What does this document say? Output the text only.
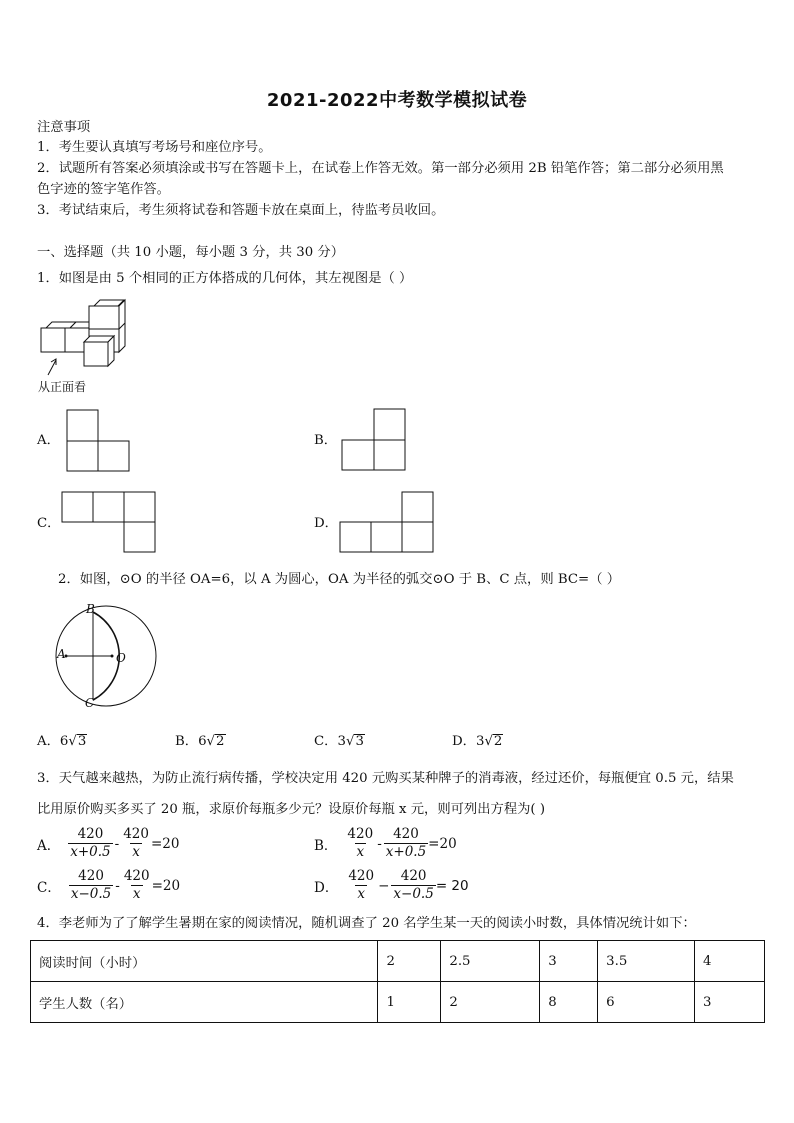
2021-2022中考数学模拟试卷
注意事项
1．考生要认真填写考场号和座位序号。
2．试题所有答案必须填涂或书写在答题卡上，在试卷上作答无效。第一部分必须用 2B 铅笔作答；第二部分必须用黑
色字迹的签字笔作答。
3．考试结束后，考生须将试卷和答题卡放在桌面上，待监考员收回。
一、选择题（共 10 小题，每小题 3 分，共 30 分）
1．如图是由 5 个相同的正方体搭成的几何体，其左视图是（ ）
从正面看
A．	B．
C．	D．
2．如图，⊙O 的半径 OA=6，以 A 为圆心，OA 为半径的弧交⊙O 于 B、C 点，则 BC=（ ）
B
A	O
C
A．6√3	B．6√2	C．3√3	D．3√2
3．天气越来越热，为防止流行病传播，学校决定用 420 元购买某种牌子的消毒液，经过还价，每瓶便宜 0.5 元，结果
比用原价购买多买了 20 瓶，求原价每瓶多少元？设原价每瓶 x 元，则可列出方程为( )
A． $\frac{420}{x+0.5} - \frac{420}{x} =20$	B． $\frac{420}{x} - \frac{420}{x+0.5} =20$
C． $\frac{420}{x-0.5} - \frac{420}{x} =20$	D． $\frac{420}{x} - \frac{420}{x-0.5} = 20$
4．李老师为了了解学生暑期在家的阅读情况，随机调查了 20 名学生某一天的阅读小时数，具体情况统计如下：
阅读时间（小时）	2	2.5	3	3.5	4
学生人数（名）	1	2	8	6	3
